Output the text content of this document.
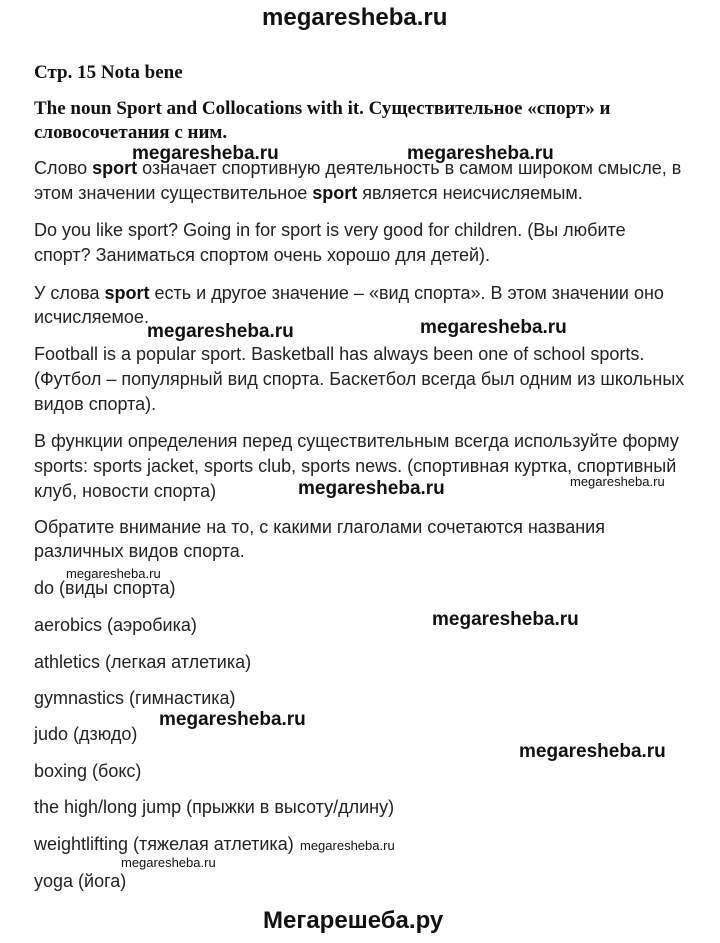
megaresheba.ru
Стр. 15 Nota bene
The noun Sport and Collocations with it. Существительное «спорт» и
словосочетания с ним.
Слово sport означает спортивную деятельность в самом широком смысле, в
этом значении существительное sport является неисчисляемым.
Do you like sport? Going in for sport is very good for children. (Вы любите
спорт? Заниматься спортом очень хорошо для детей).
У слова sport есть и другое значение – «вид спорта». В этом значении оно
исчисляемое.
Football is a popular sport. Basketball has always been one of school sports.
(Футбол – популярный вид спорта. Баскетбол всегда был одним из школьных
видов спорта).
В функции определения перед существительным всегда используйте форму
sports: sports jacket, sports club, sports news. (спортивная куртка, спортивный
клуб, новости спорта)
Обратите внимание на то, с какими глаголами сочетаются названия
различных видов спорта.
do (виды спорта)
aerobics (аэробика)
athletics (легкая атлетика)
gymnastics (гимнастика)
judo (дзюдо)
boxing (бокс)
the high/long jump (прыжки в высоту/длину)
weightlifting (тяжелая атлетика)
yoga (йога)
megaresheba.ru	megaresheba.ru
megaresheba.ru	megaresheba.ru
megaresheba.ru	megaresheba.ru
megaresheba.ru
megaresheba.ru
megaresheba.ru
megaresheba.ru
megaresheba.ru
megaresheba.ru
Мегарешеба.ру
